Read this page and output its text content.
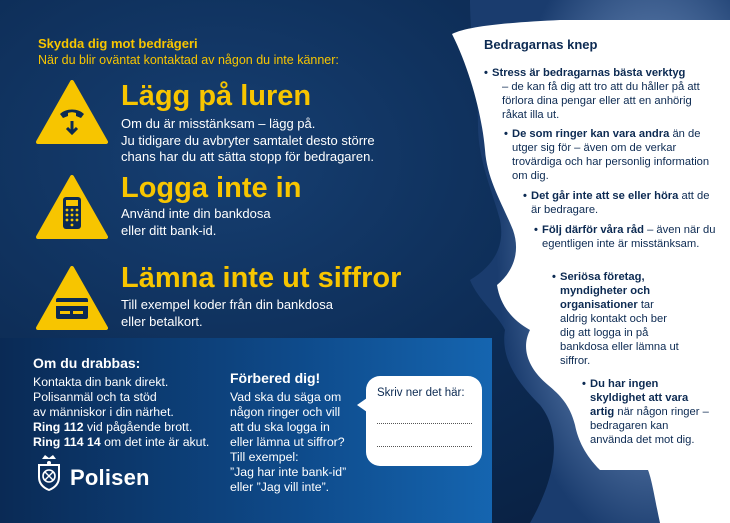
Skydda dig mot bedrägeri
När du blir oväntat kontaktad av någon du inte känner:
Lägg på luren

Om du är misstänksam – lägg på.
Ju tidigare du avbryter samtalet desto större
chans har du att sätta stopp för bedragaren.

Logga inte in

Använd inte din bankdosa
eller ditt bank-id.

Lämna inte ut siffror

Till exempel koder från din bankdosa
eller betalkort.

Om du drabbas:
Kontakta din bank direkt.
Polisanmäl och ta stöd
av människor i din närhet.
Ring 112 vid pågående brott.
Ring 114 14 om det inte är akut.

Förbered dig!
Vad ska du säga om
någon ringer och vill
att du ska logga in
eller lämna ut siffror?
Till exempel:
”Jag har inte bank-id”
eller ”Jag vill inte”.

Skriv ner det här:
Polisen
Bedragarnas knep
• Stress är bedragarnas bästa verktyg
– de kan få dig att tro att du håller på att förlora dina pengar eller att en anhörig råkat illa ut.
• De som ringer kan vara andra än de utger sig för – även om de verkar trovärdiga och har personlig information om dig.
• Det går inte att se eller höra att de är bedragare.
• Följ därför våra råd – även när du egentligen inte är misstänksam.
• Seriösa företag, myndigheter och organisationer tar aldrig kontakt och ber dig att logga in på bankdosa eller lämna ut siffror.
• Du har ingen skyldighet att vara artig när någon ringer – bedragaren kan använda det mot dig.
